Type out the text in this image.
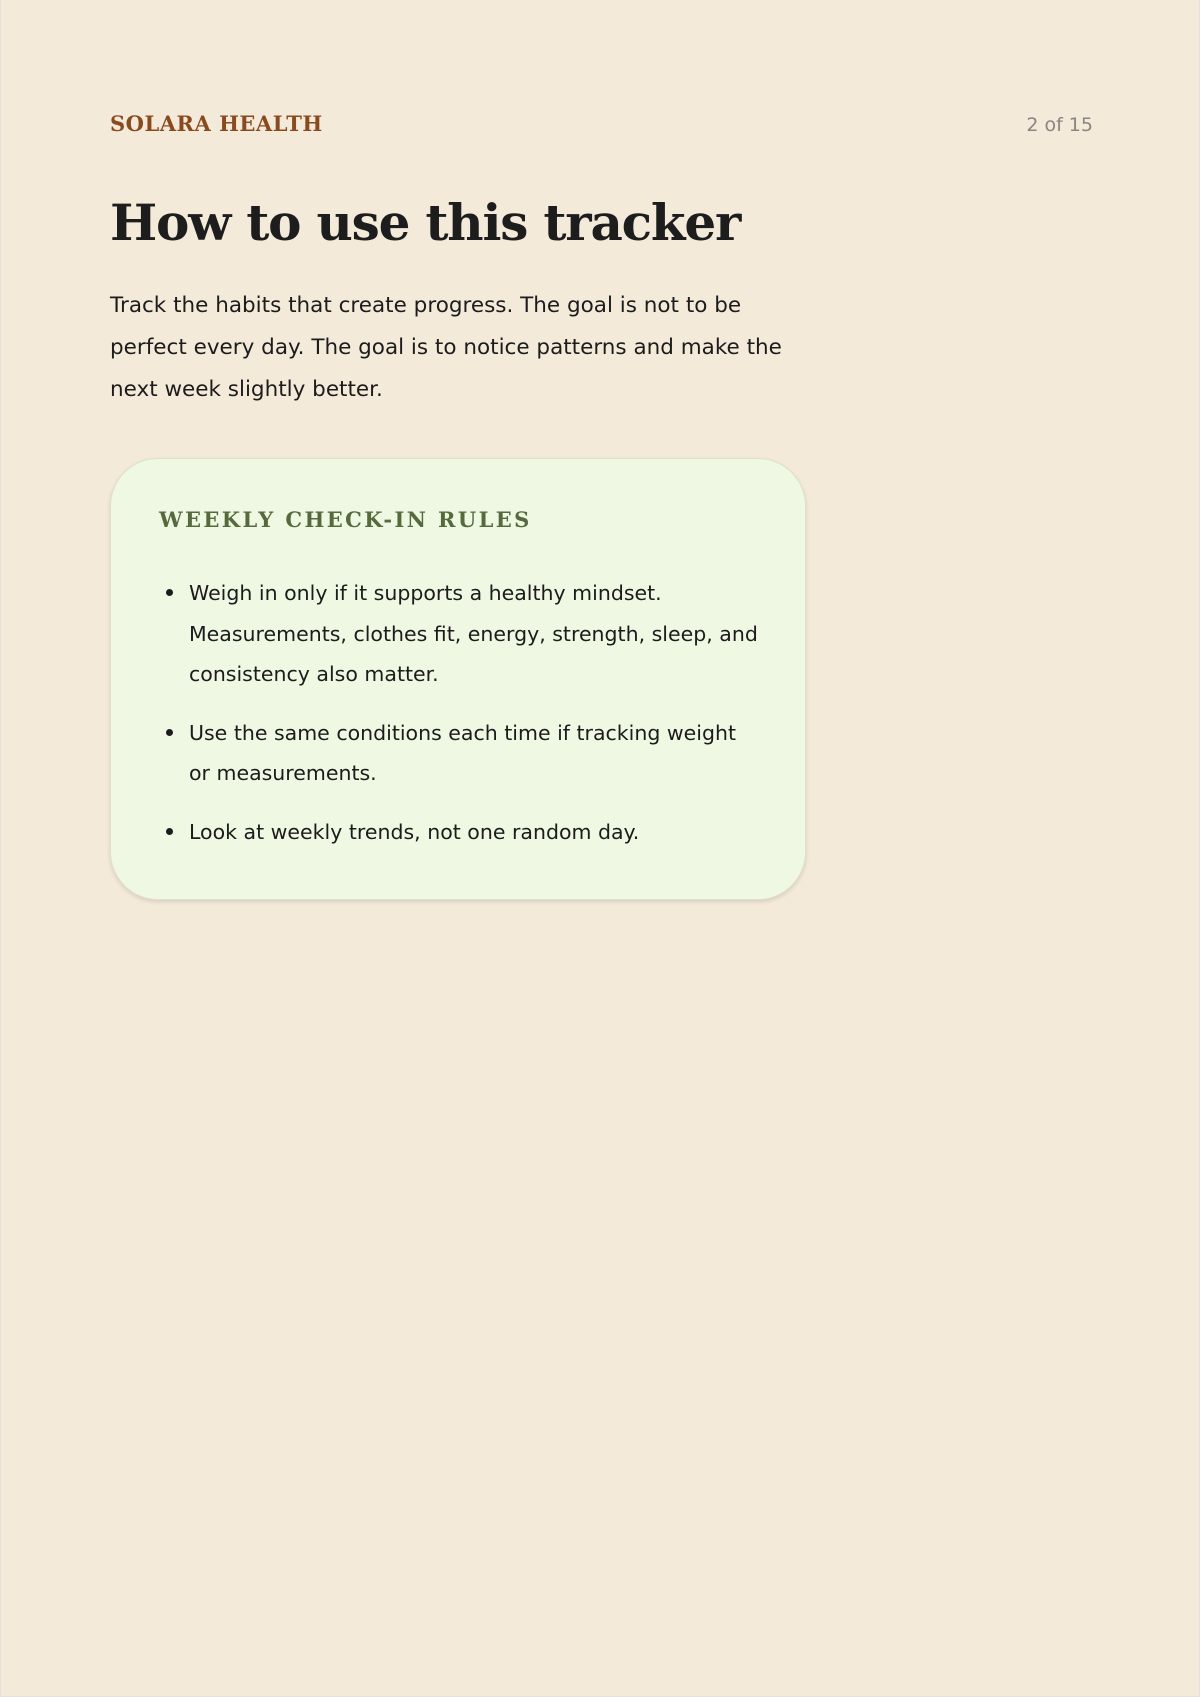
SOLARA HEALTH	2 of 15
How to use this tracker

Track the habits that create progress. The goal is not to be perfect every day. The goal is to notice patterns and make the next week slightly better.

WEEKLY CHECK-IN RULES
Weigh in only if it supports a healthy mindset. Measurements, clothes fit, energy, strength, sleep, and consistency also matter.
Use the same conditions each time if tracking weight or measurements.
Look at weekly trends, not one random day.
